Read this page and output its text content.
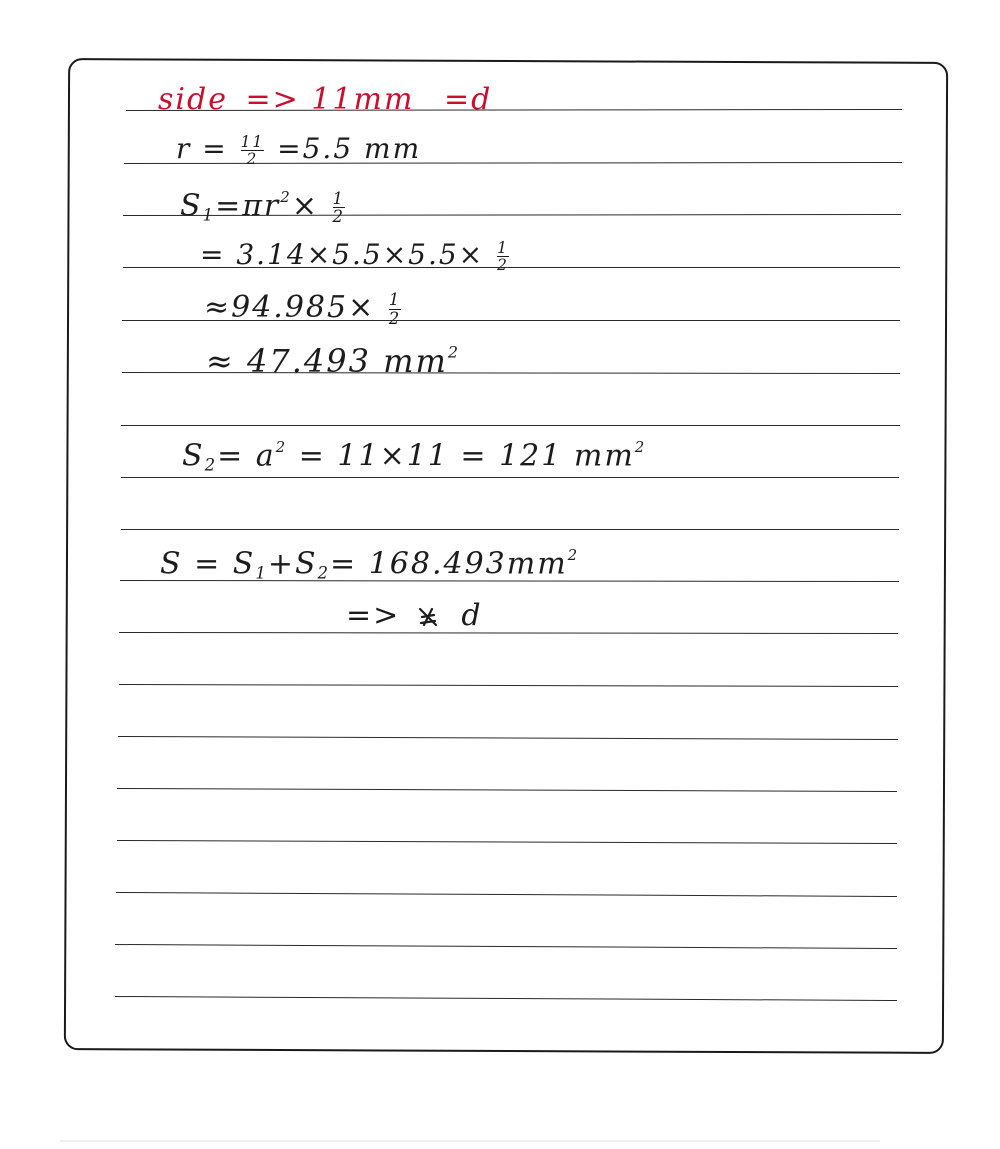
side => 11mm =d
$r = \frac{11}{2} =5.5$ mm
$S_1=\pi r^2\times \frac{1}{2}$
= $3.14\times 5.5\times 5.5\times \frac{1}{2}$
$\approx 94.985\times \frac{1}{2}$
≈ 47.493 $mm^2$
$S_2= a^2 = 11\times 11 = 121$ $mm^2$
$S = S_1+S_2= 168.493mm^2$
=>  d
